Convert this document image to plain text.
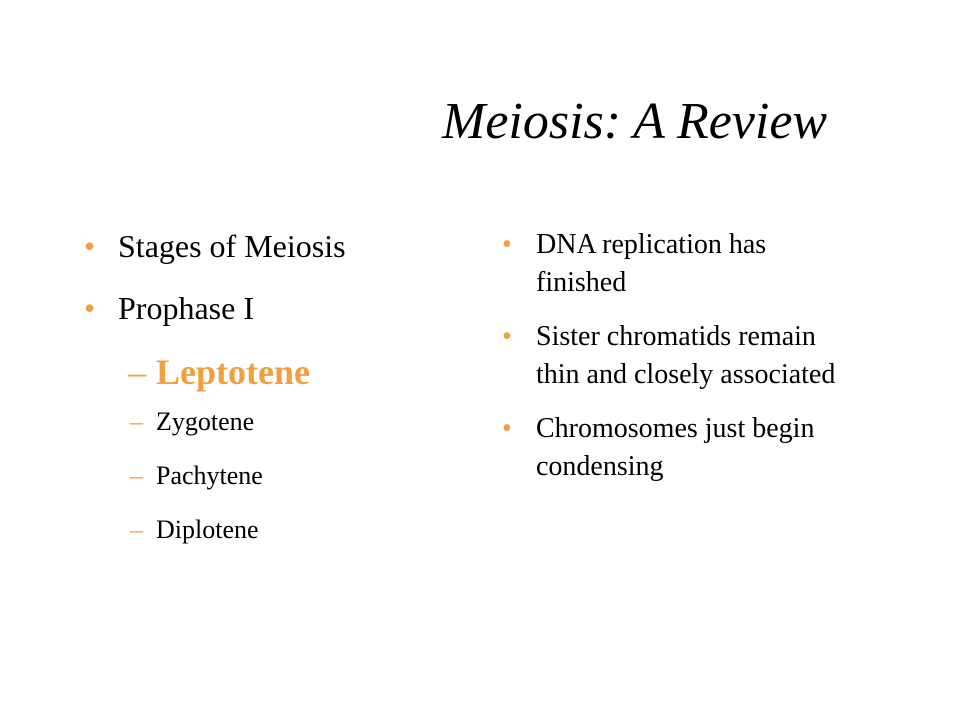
Meiosis: A Review
• Stages of Meiosis
• Prophase I
– Leptotene
– Zygotene
– Pachytene
– Diplotene
• DNA replication has finished
• Sister chromatids remain thin and closely associated
• Chromosomes just begin condensing
